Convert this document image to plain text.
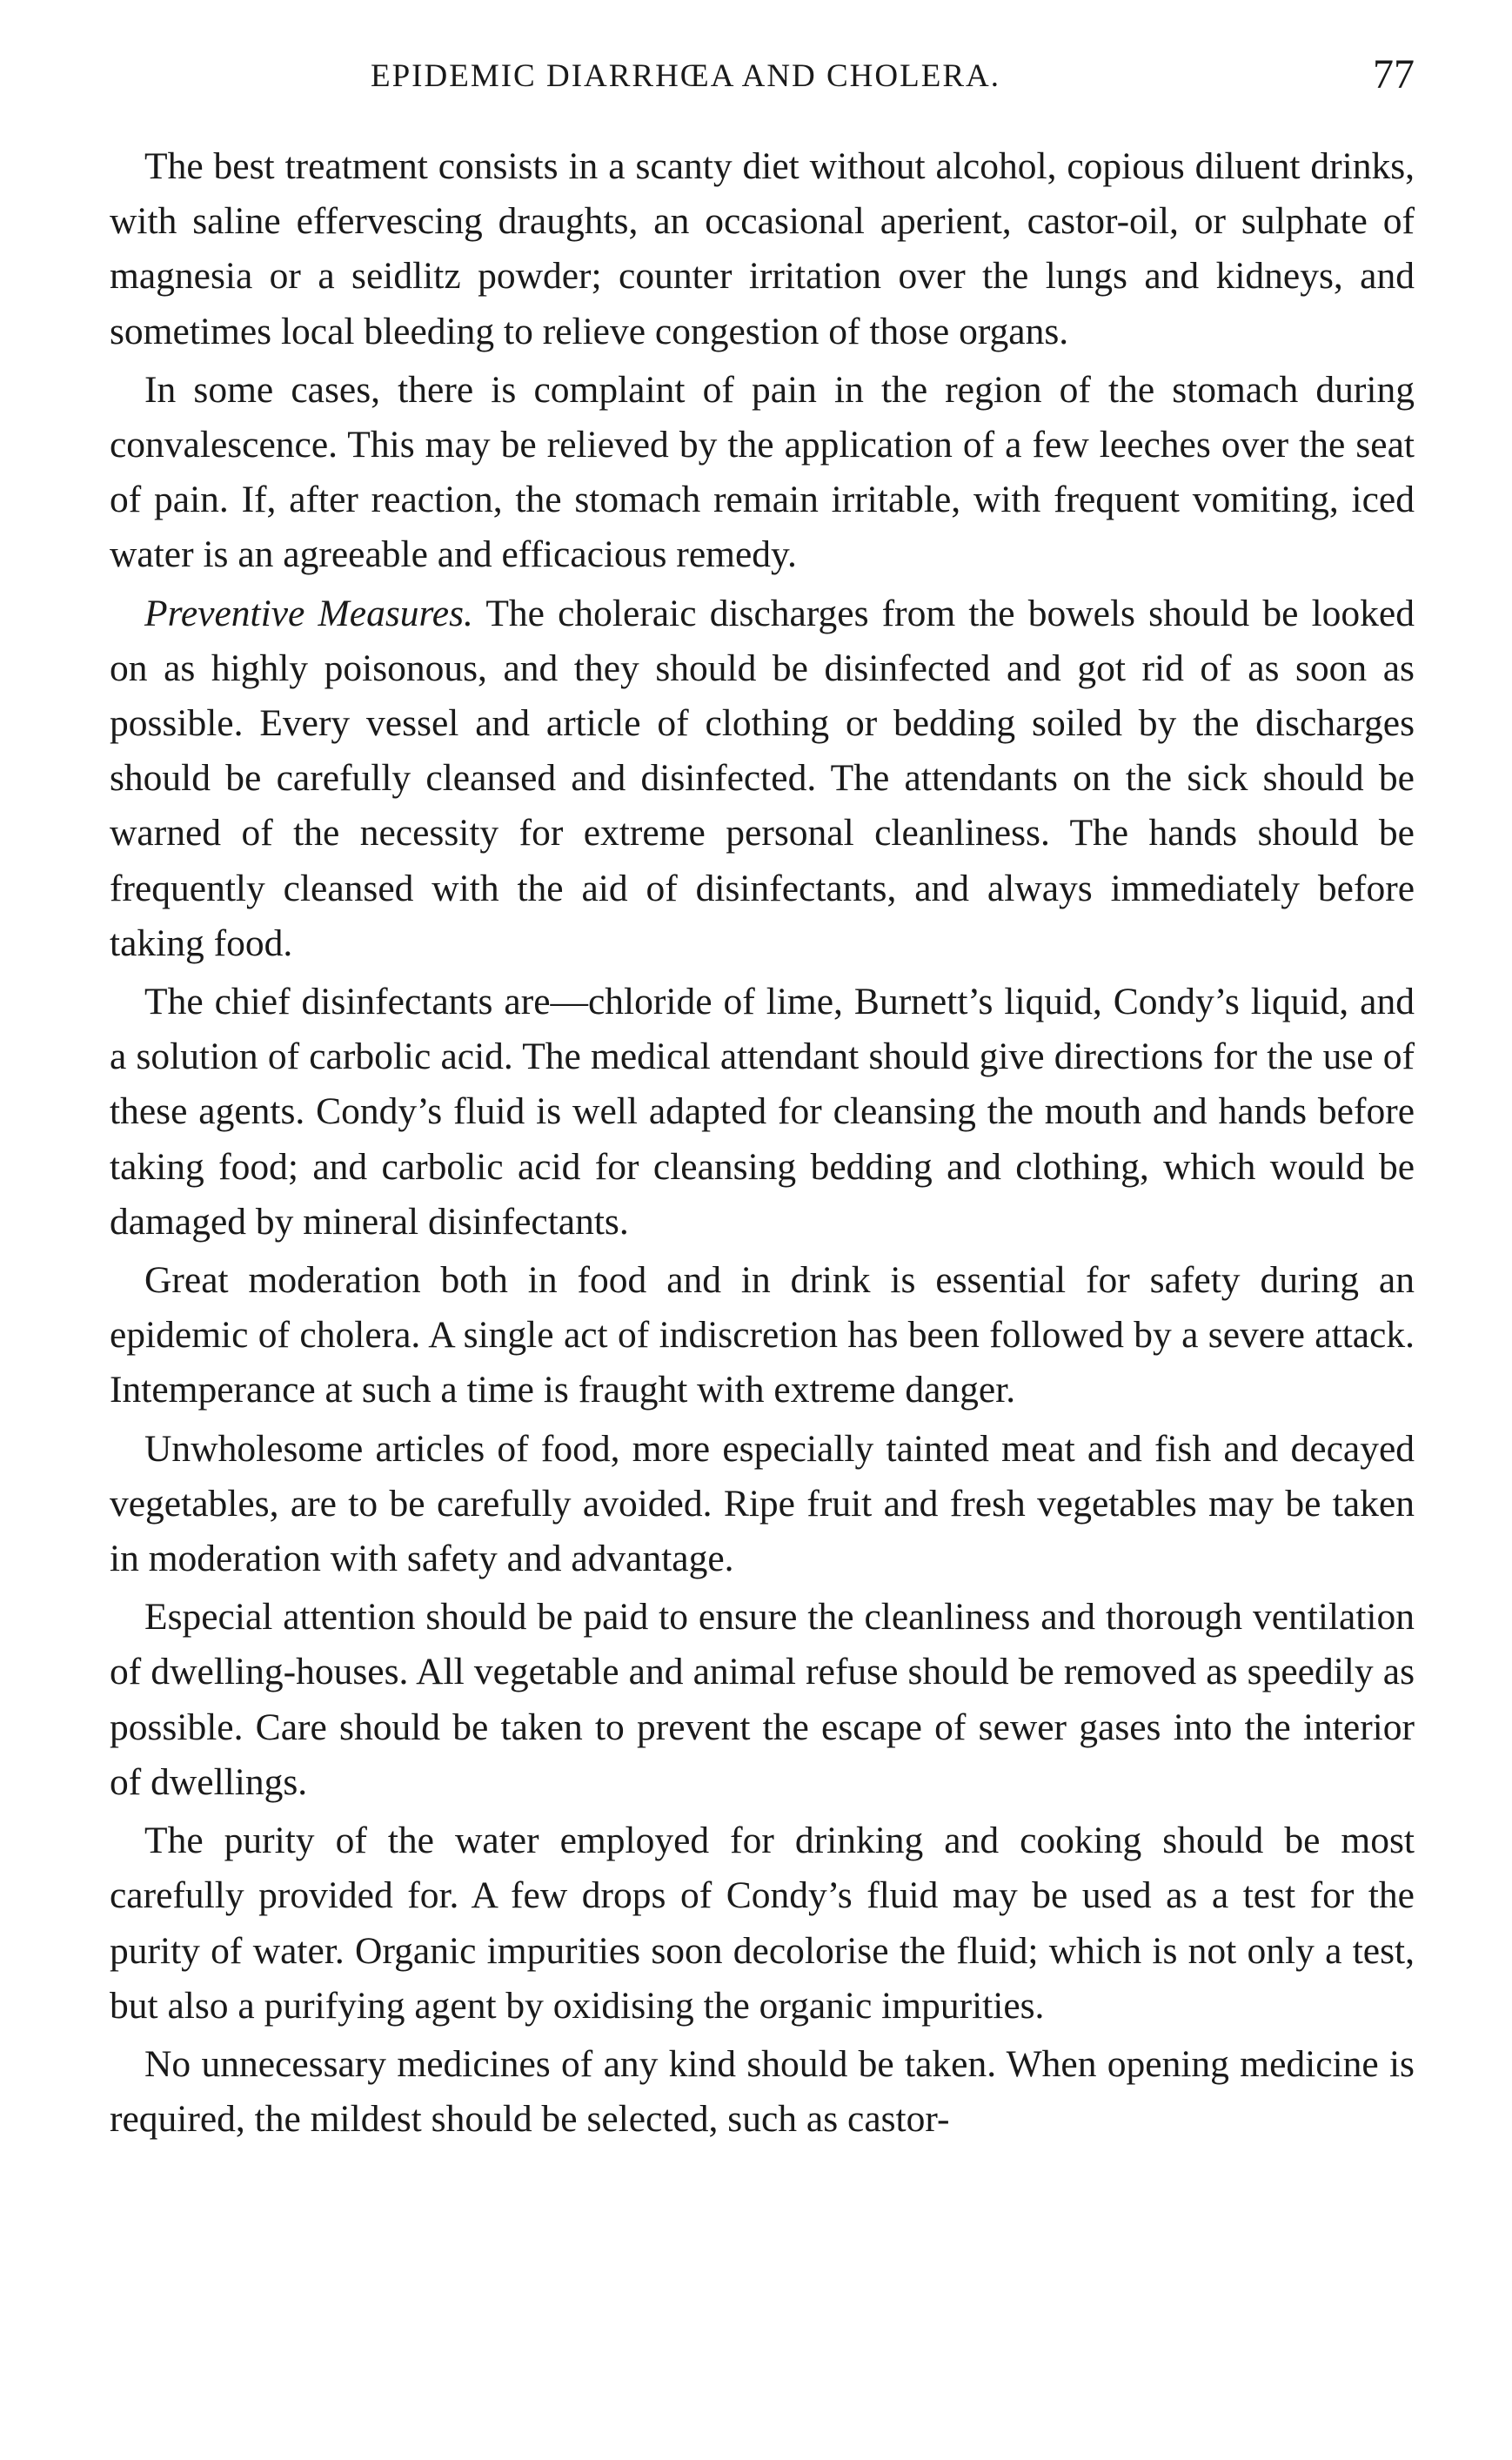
EPIDEMIC DIARRHŒA AND CHOLERA.	77

The best treatment consists in a scanty diet without alcohol, copious diluent drinks, with saline effervescing draughts, an occasional aperient, castor-oil, or sulphate of magnesia or a seidlitz powder; counter irritation over the lungs and kidneys, and sometimes local bleeding to relieve congestion of those organs.

In some cases, there is complaint of pain in the region of the stomach during convalescence. This may be relieved by the application of a few leeches over the seat of pain. If, after reaction, the stomach remain irritable, with frequent vomiting, iced water is an agreeable and efficacious remedy.

Preventive Measures. The choleraic discharges from the bowels should be looked on as highly poisonous, and they should be disinfected and got rid of as soon as possible. Every vessel and article of clothing or bedding soiled by the discharges should be carefully cleansed and disinfected. The attendants on the sick should be warned of the necessity for extreme personal cleanliness. The hands should be frequently cleansed with the aid of disinfectants, and always immediately before taking food.

The chief disinfectants are—chloride of lime, Burnett’s liquid, Condy’s liquid, and a solution of carbolic acid. The medical attendant should give directions for the use of these agents. Condy’s fluid is well adapted for cleansing the mouth and hands before taking food; and carbolic acid for cleansing bedding and clothing, which would be damaged by mineral disinfectants.

Great moderation both in food and in drink is essential for safety during an epidemic of cholera. A single act of indiscretion has been followed by a severe attack. Intemperance at such a time is fraught with extreme danger.

Unwholesome articles of food, more especially tainted meat and fish and decayed vegetables, are to be carefully avoided. Ripe fruit and fresh vegetables may be taken in moderation with safety and advantage.

Especial attention should be paid to ensure the cleanliness and thorough ventilation of dwelling-houses. All vegetable and animal refuse should be removed as speedily as possible. Care should be taken to prevent the escape of sewer gases into the interior of dwellings.

The purity of the water employed for drinking and cooking should be most carefully provided for. A few drops of Condy’s fluid may be used as a test for the purity of water. Organic impurities soon decolorise the fluid; which is not only a test, but also a purifying agent by oxidising the organic impurities.

No unnecessary medicines of any kind should be taken. When opening medicine is required, the mildest should be selected, such as castor-
